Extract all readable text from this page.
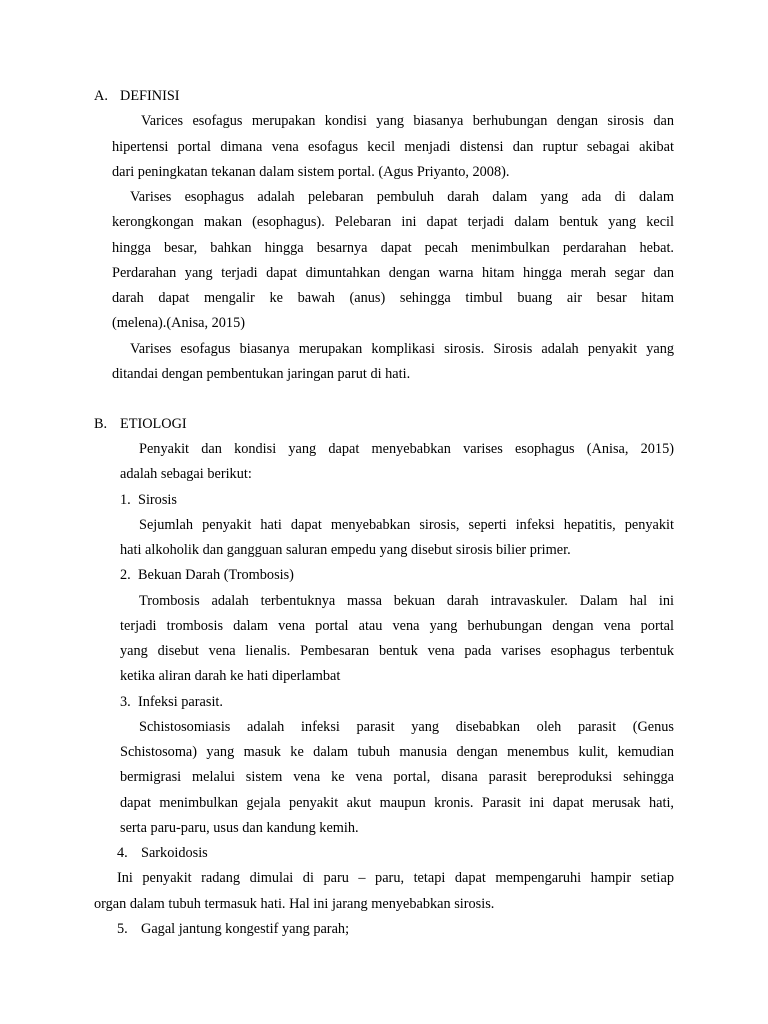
A. DEFINISI
Varices esofagus merupakan kondisi yang biasanya berhubungan dengan sirosis dan
hipertensi portal dimana vena esofagus kecil menjadi distensi dan ruptur sebagai akibat
dari peningkatan tekanan dalam sistem portal. (Agus Priyanto, 2008).
Varises esophagus adalah pelebaran pembuluh darah dalam yang ada di dalam
kerongkongan makan (esophagus). Pelebaran ini dapat terjadi dalam bentuk yang kecil
hingga besar, bahkan hingga besarnya dapat pecah menimbulkan perdarahan hebat.
Perdarahan yang terjadi dapat dimuntahkan dengan warna hitam hingga merah segar dan
darah dapat mengalir ke bawah (anus) sehingga timbul buang air besar hitam
(melena).(Anisa, 2015)
Varises esofagus biasanya merupakan komplikasi sirosis. Sirosis adalah penyakit yang
ditandai dengan pembentukan jaringan parut di hati.
B. ETIOLOGI
Penyakit dan kondisi yang dapat menyebabkan varises esophagus (Anisa, 2015)
adalah sebagai berikut:
1. Sirosis
Sejumlah penyakit hati dapat menyebabkan sirosis, seperti infeksi hepatitis, penyakit
hati alkoholik dan gangguan saluran empedu yang disebut sirosis bilier primer.
2. Bekuan Darah (Trombosis)
Trombosis adalah terbentuknya massa bekuan darah intravaskuler. Dalam hal ini
terjadi trombosis dalam vena portal atau vena yang berhubungan dengan vena portal
yang disebut vena lienalis. Pembesaran bentuk vena pada varises esophagus terbentuk
ketika aliran darah ke hati diperlambat
3. Infeksi parasit.
Schistosomiasis adalah infeksi parasit yang disebabkan oleh parasit (Genus
Schistosoma) yang masuk ke dalam tubuh manusia dengan menembus kulit, kemudian
bermigrasi melalui sistem vena ke vena portal, disana parasit bereproduksi sehingga
dapat menimbulkan gejala penyakit akut maupun kronis. Parasit ini dapat merusak hati,
serta paru-paru, usus dan kandung kemih.
4. Sarkoidosis
Ini penyakit radang dimulai di paru – paru, tetapi dapat mempengaruhi hampir setiap
organ dalam tubuh termasuk hati. Hal ini jarang menyebabkan sirosis.
5. Gagal jantung kongestif yang parah;
